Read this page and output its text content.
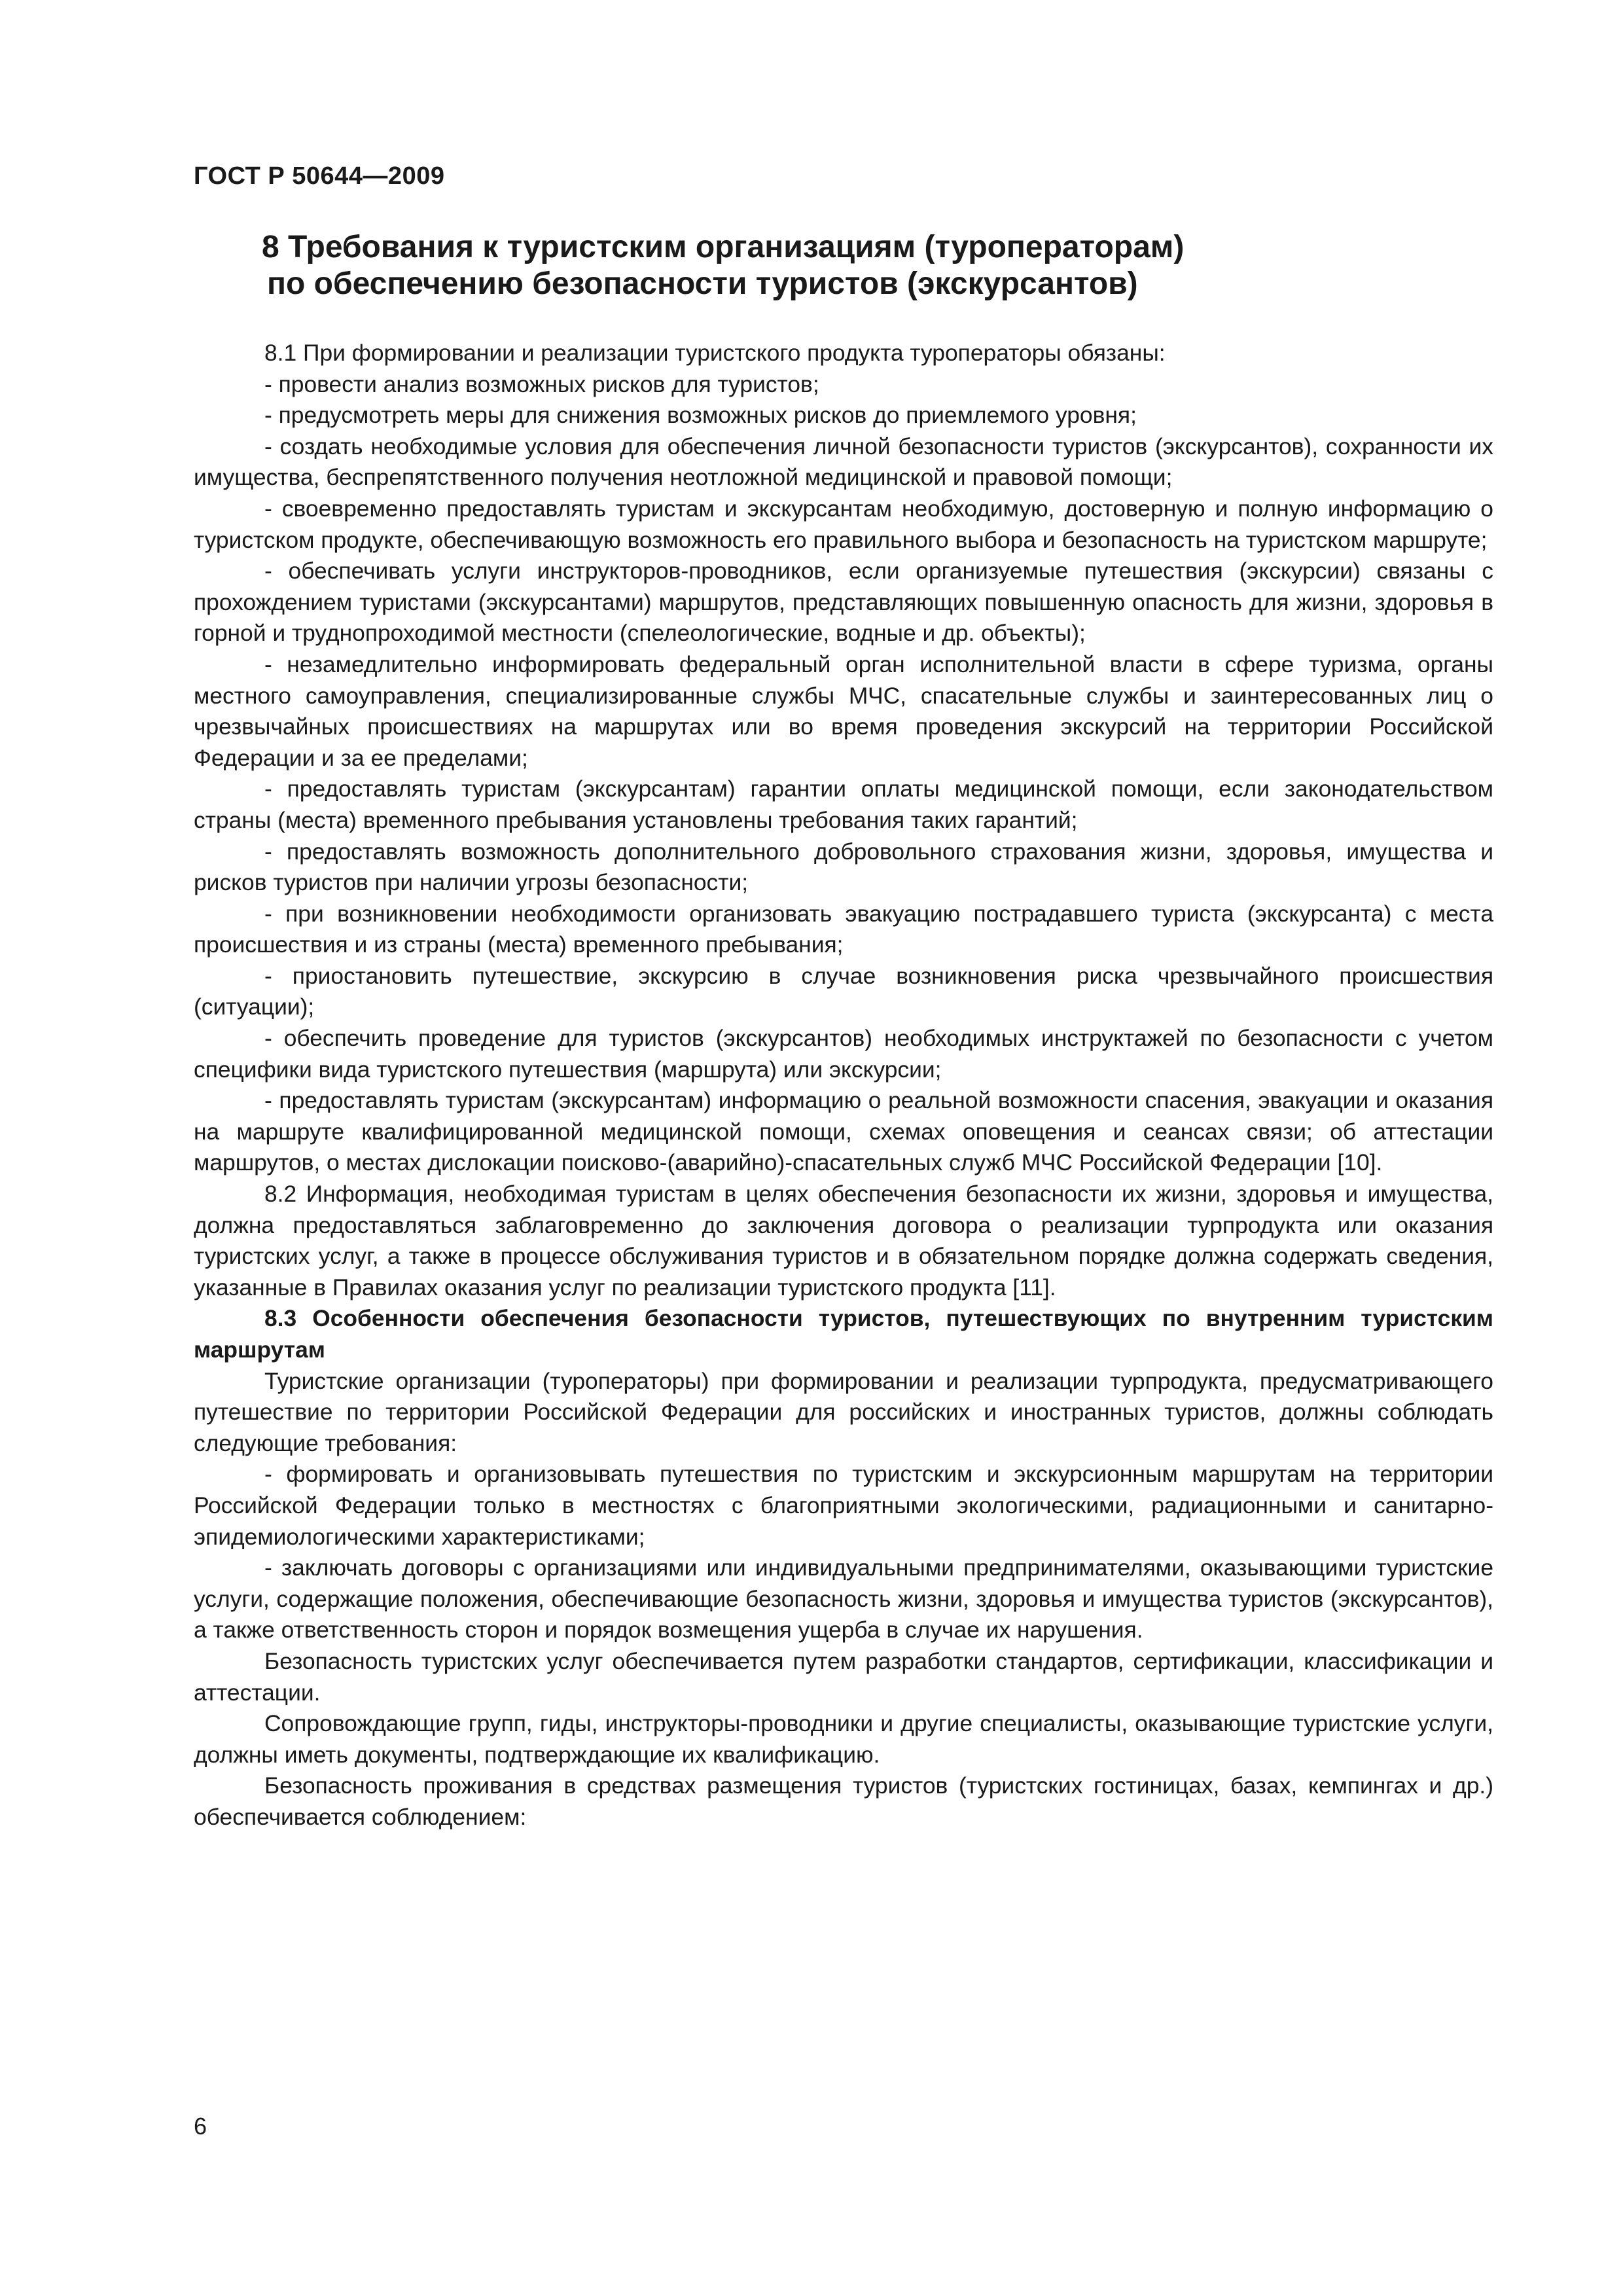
ГОСТ Р 50644—2009
8 Требования к туристским организациям (туроператорам)

по обеспечению безопасности туристов (экскурсантов)

8.1 При формировании и реализации туристского продукта туроператоры обязаны:

- провести анализ возможных рисков для туристов;

- предусмотреть меры для снижения возможных рисков до приемлемого уровня;

- создать необходимые условия для обеспечения личной безопасности туристов (экскурсантов), сохранности их имущества, беспрепятственного получения неотложной медицинской и правовой помощи;

- своевременно предоставлять туристам и экскурсантам необходимую, достоверную и полную информацию о туристском продукте, обеспечивающую возможность его правильного выбора и безопасность на туристском маршруте;

- обеспечивать услуги инструкторов-проводников, если организуемые путешествия (экскурсии) связаны с прохождением туристами (экскурсантами) маршрутов, представляющих повышенную опасность для жизни, здоровья в горной и труднопроходимой местности (спелеологические, водные и др. объекты);

- незамедлительно информировать федеральный орган исполнительной власти в сфере туризма, органы местного самоуправления, специализированные службы МЧС, спасательные службы и заинтересованных лиц о чрезвычайных происшествиях на маршрутах или во время проведения экскурсий на территории Российской Федерации и за ее пределами;

- предоставлять туристам (экскурсантам) гарантии оплаты медицинской помощи, если законодательством страны (места) временного пребывания установлены требования таких гарантий;

- предоставлять возможность дополнительного добровольного страхования жизни, здоровья, имущества и рисков туристов при наличии угрозы безопасности;

- при возникновении необходимости организовать эвакуацию пострадавшего туриста (экскурсанта) с места происшествия и из страны (места) временного пребывания;

- приостановить путешествие, экскурсию в случае возникновения риска чрезвычайного происшествия (ситуации);

- обеспечить проведение для туристов (экскурсантов) необходимых инструктажей по безопасности с учетом специфики вида туристского путешествия (маршрута) или экскурсии;

- предоставлять туристам (экскурсантам) информацию о реальной возможности спасения, эвакуации и оказания на маршруте квалифицированной медицинской помощи, схемах оповещения и сеансах связи; об аттестации маршрутов, о местах дислокации поисково-(аварийно)-спасательных служб МЧС Российской Федерации [10].

8.2 Информация, необходимая туристам в целях обеспечения безопасности их жизни, здоровья и имущества, должна предоставляться заблаговременно до заключения договора о реализации турпродукта или оказания туристских услуг, а также в процессе обслуживания туристов и в обязательном порядке должна содержать сведения, указанные в Правилах оказания услуг по реализации туристского продукта [11].

8.3 Особенности обеспечения безопасности туристов, путешествующих по внутренним туристским маршрутам

Туристские организации (туроператоры) при формировании и реализации турпродукта, предусматривающего путешествие по территории Российской Федерации для российских и иностранных туристов, должны соблюдать следующие требования:

- формировать и организовывать путешествия по туристским и экскурсионным маршрутам на территории Российской Федерации только в местностях с благоприятными экологическими, радиационными и санитарно-эпидемиологическими характеристиками;

- заключать договоры с организациями или индивидуальными предпринимателями, оказывающими туристские услуги, содержащие положения, обеспечивающие безопасность жизни, здоровья и имущества туристов (экскурсантов), а также ответственность сторон и порядок возмещения ущерба в случае их нарушения.

Безопасность туристских услуг обеспечивается путем разработки стандартов, сертификации, классификации и аттестации.

Сопровождающие групп, гиды, инструкторы-проводники и другие специалисты, оказывающие туристские услуги, должны иметь документы, подтверждающие их квалификацию.

Безопасность проживания в средствах размещения туристов (туристских гостиницах, базах, кемпингах и др.) обеспечивается соблюдением:

6
